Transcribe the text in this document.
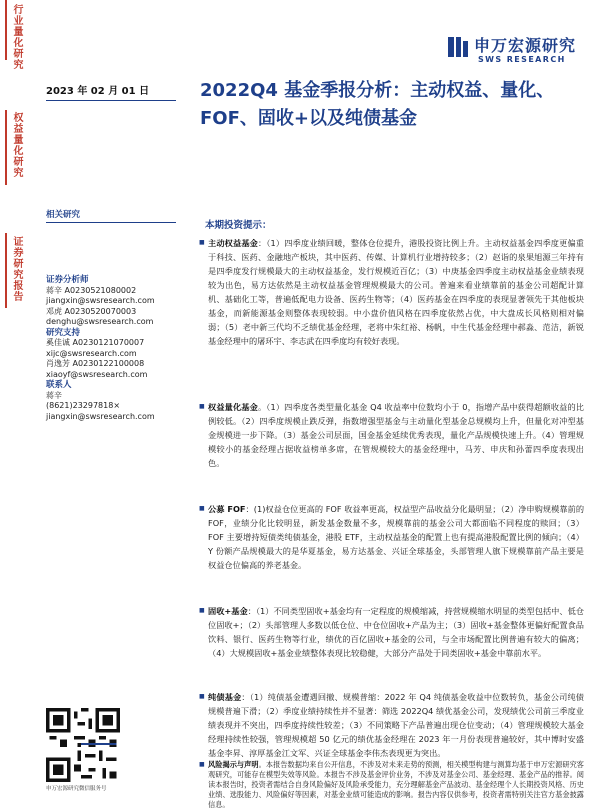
行业量化研究
权益量化研究
证券研究报告
申万宏源研究
SWS RESEARCH
2023 年 02 月 01 日	2022Q4 基金季报分析：主动权益、量化、FOF、固收+以及纯债基金
相关研究
证券分析师
蒋辛 A0230521080002
jiangxin@swsresearch.com
邓虎 A0230520070003
denghu@swsresearch.com
研究支持
奚佳诚 A0230121070007
xijc@swsresearch.com
肖逸芳 A0230122100008
xiaoyf@swsresearch.com
联系人
蒋辛
(8621)23297818×
jiangxin@swsresearch.com
申万宏源研究微信服务号
本期投资提示：
■ 主动权益基金：（1）四季度业绩回暖，整体仓位提升，港股投资比例上升。主动权益基金四季度更偏重于科技、医药、金融地产板块，其中医药、传媒、计算机行业增持较多；（2）赵诣的泉果旭源三年持有是四季度发行规模最大的主动权益基金，发行规模近百亿；（3）中庚基金四季度主动权益基金业绩表现较为出色，易方达依然是主动权益基金管理规模最大的公司。普遍来看业绩靠前的基金公司超配计算机、基础化工等，普遍低配电力设备、医药生物等；（4）医药基金在四季度的表现显著领先于其他板块基金，而新能源基金则整体表现较弱。中小盘价值风格在四季度依然占优，中大盘成长风格则相对偏弱；（5）老中新三代均不乏绩优基金经理，老将中朱红裕、杨帆，中生代基金经理中郝淼、范洁，新锐基金经理中的屠环宇、李志武在四季度均有较好表现。
■ 权益量化基金。（1）四季度各类型量化基金 Q4 收益率中位数均小于 0，指增产品中获得超额收益的比例较低。（2）四季度规模止跌反弹，指数增强型基金与主动量化型基金总规模均上升，但量化对冲型基金规模进一步下降。（3）基金公司层面，国金基金延续优秀表现，量化产品规模快速上升。（4）管理规模较小的基金经理占据收益榜单多席，在管规模较大的基金经理中，马芳、申庆和孙蕾四季度表现出色。
■ 公募 FOF：(1)权益仓位更高的 FOF 收益率更高，权益型产品收益分化最明显；（2）净申购规模靠前的 FOF，业绩分化比较明显，新发基金数量不多，规模靠前的基金公司大都面临不同程度的赎回；（3）FOF 主要增持短债类纯债基金，港股 ETF，主动权益基金的配置上也有提高港股配置比例的倾向；（4）Y 份额产品规模最大的是华夏基金，易方达基金、兴证全球基金，头部管理人旗下规模靠前产品主要是权益仓位偏高的养老基金。
■ 固收+基金：（1）不同类型固收+基金均有一定程度的规模缩减，持营规模缩水明显的类型包括中、低仓位固收+；（2）头部管理人多数以低仓位、中仓位固收+产品为主；（3）固收+基金整体更偏好配置食品饮料、银行、医药生物等行业，绩优的百亿固收+基金的公司，与全市场配置比例普遍有较大的偏离；（4）大规模固收+基金业绩整体表现比较稳健，大部分产品处于同类固收+基金中靠前水平。
■ 纯债基金：（1）纯债基金遭遇回撤、规模普缩：2022 年 Q4 纯债基金收益中位数转负，基金公司纯债规模普遍下滑；（2）季度业绩持续性并不显著：筛选 2022Q4 绩优基金公司，发现绩优公司前三季度业绩表现并不突出，四季度持续性较差；（3）不同策略下产品普遍出现仓位变动；（4）管理规模较大基金经理持续性较强，管理规模超 50 亿元的绩优基金经理在 2023 年一月份表现普遍较好，其中博时安盛基金李昇、淳厚基金江文军、兴证全球基金李伟杰表现更为突出。
■ 风险揭示与声明。本报告数据均来自公开信息，不涉及对未来走势的预测，相关模型构建与测算均基于申万宏源研究客观研究，可能存在模型失效等风险。本报告不涉及基金评价业务，不涉及对基金公司、基金经理、基金产品的推荐。阅读本报告时，投资者需结合自身风险偏好及风险承受能力，充分理解基金产品波动、基金经理个人长期投资风格、历史业绩、选股能力、风险偏好等因素，对基金业绩可能造成的影响。报告内容仅供参考，投资者需特别关注官方基金披露信息。
